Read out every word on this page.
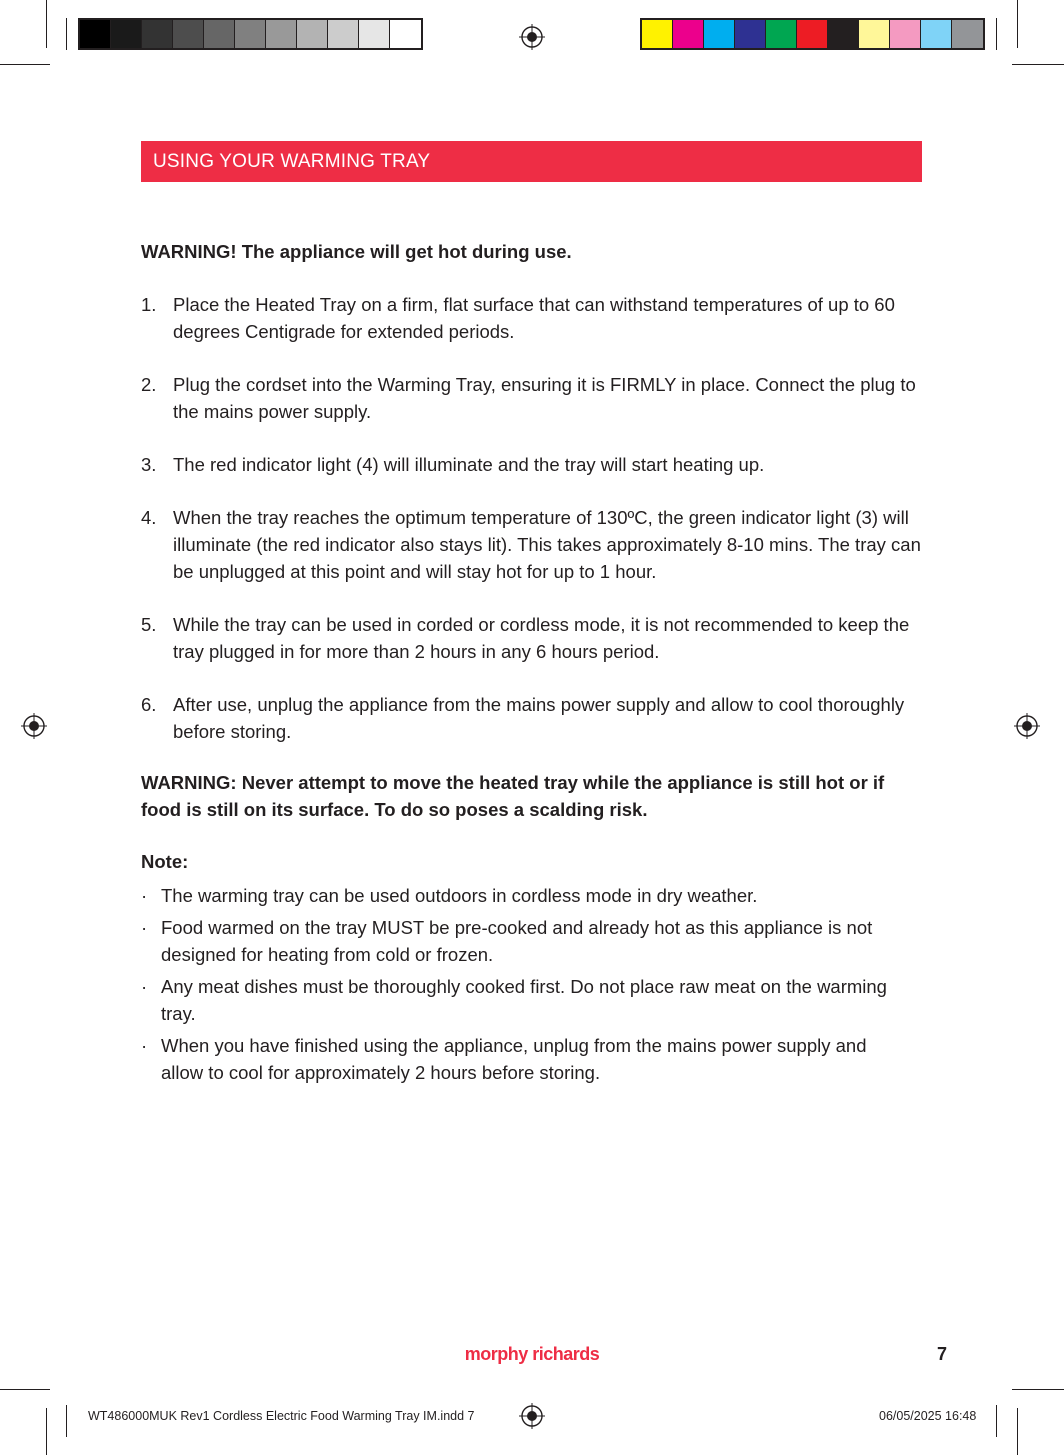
USING YOUR WARMING TRAY

WARNING! The appliance will get hot during use.

1. Place the Heated Tray on a firm, flat surface that can withstand temperatures of up to 60 degrees Centigrade for extended periods.
2. Plug the cordset into the Warming Tray, ensuring it is FIRMLY in place. Connect the plug to the mains power supply.
3. The red indicator light (4) will illuminate and the tray will start heating up.
4. When the tray reaches the optimum temperature of 130ºC, the green indicator light (3) will illuminate (the red indicator also stays lit). This takes approximately 8-10 mins. The tray can be unplugged at this point and will stay hot for up to 1 hour.
5. While the tray can be used in corded or cordless mode, it is not recommended to keep the tray plugged in for more than 2 hours in any 6 hours period.
6. After use, unplug the appliance from the mains power supply and allow to cool thoroughly before storing.

WARNING: Never attempt to move the heated tray while the appliance is still hot or if food is still on its surface. To do so poses a scalding risk.

Note:

· The warming tray can be used outdoors in cordless mode in dry weather.
· Food warmed on the tray MUST be pre-cooked and already hot as this appliance is not designed for heating from cold or frozen.
· Any meat dishes must be thoroughly cooked first. Do not place raw meat on the warming tray.
· When you have finished using the appliance, unplug from the mains power supply and allow to cool for approximately 2 hours before storing.
morphy richards	7
WT486000MUK Rev1 Cordless Electric Food Warming Tray IM.indd 7	06/05/2025 16:48
